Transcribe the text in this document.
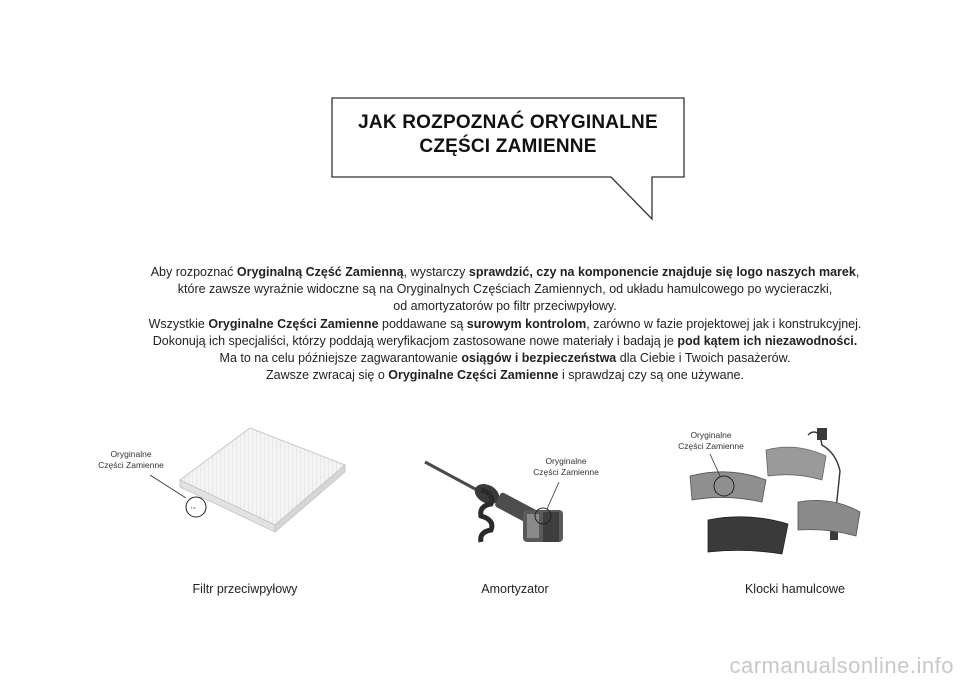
JAK ROZPOZNAĆ ORYGINALNE
CZĘŚCI ZAMIENNE

Aby rozpoznać Oryginalną Część Zamienną, wystarczy sprawdzić, czy na komponencie znajduje się logo naszych marek,

które zawsze wyraźnie widoczne są na Oryginalnych Częściach Zamiennych, od układu hamulcowego po wycieraczki,

od amortyzatorów po filtr przeciwpyłowy.

Wszystkie Oryginalne Części Zamienne poddawane są surowym kontrolom, zarówno w fazie projektowej jak i konstrukcyjnej.

Dokonują ich specjaliści, którzy poddają weryfikacjom zastosowane nowe materiały i badają je pod kątem ich niezawodności.

Ma to na celu późniejsze zagwarantowanie osiągów i bezpieczeństwa dla Ciebie i Twoich pasażerów.

Zawsze zwracaj się o Oryginalne Części Zamienne i sprawdzaj czy są one używane.

Oryginalne
Części Zamienne
f a
Filtr przeciwpyłowy
Oryginalne
Części Zamienne
Amortyzator
Oryginalne
Części Zamienne
Klocki hamulcowe
carmanualsonline.info
